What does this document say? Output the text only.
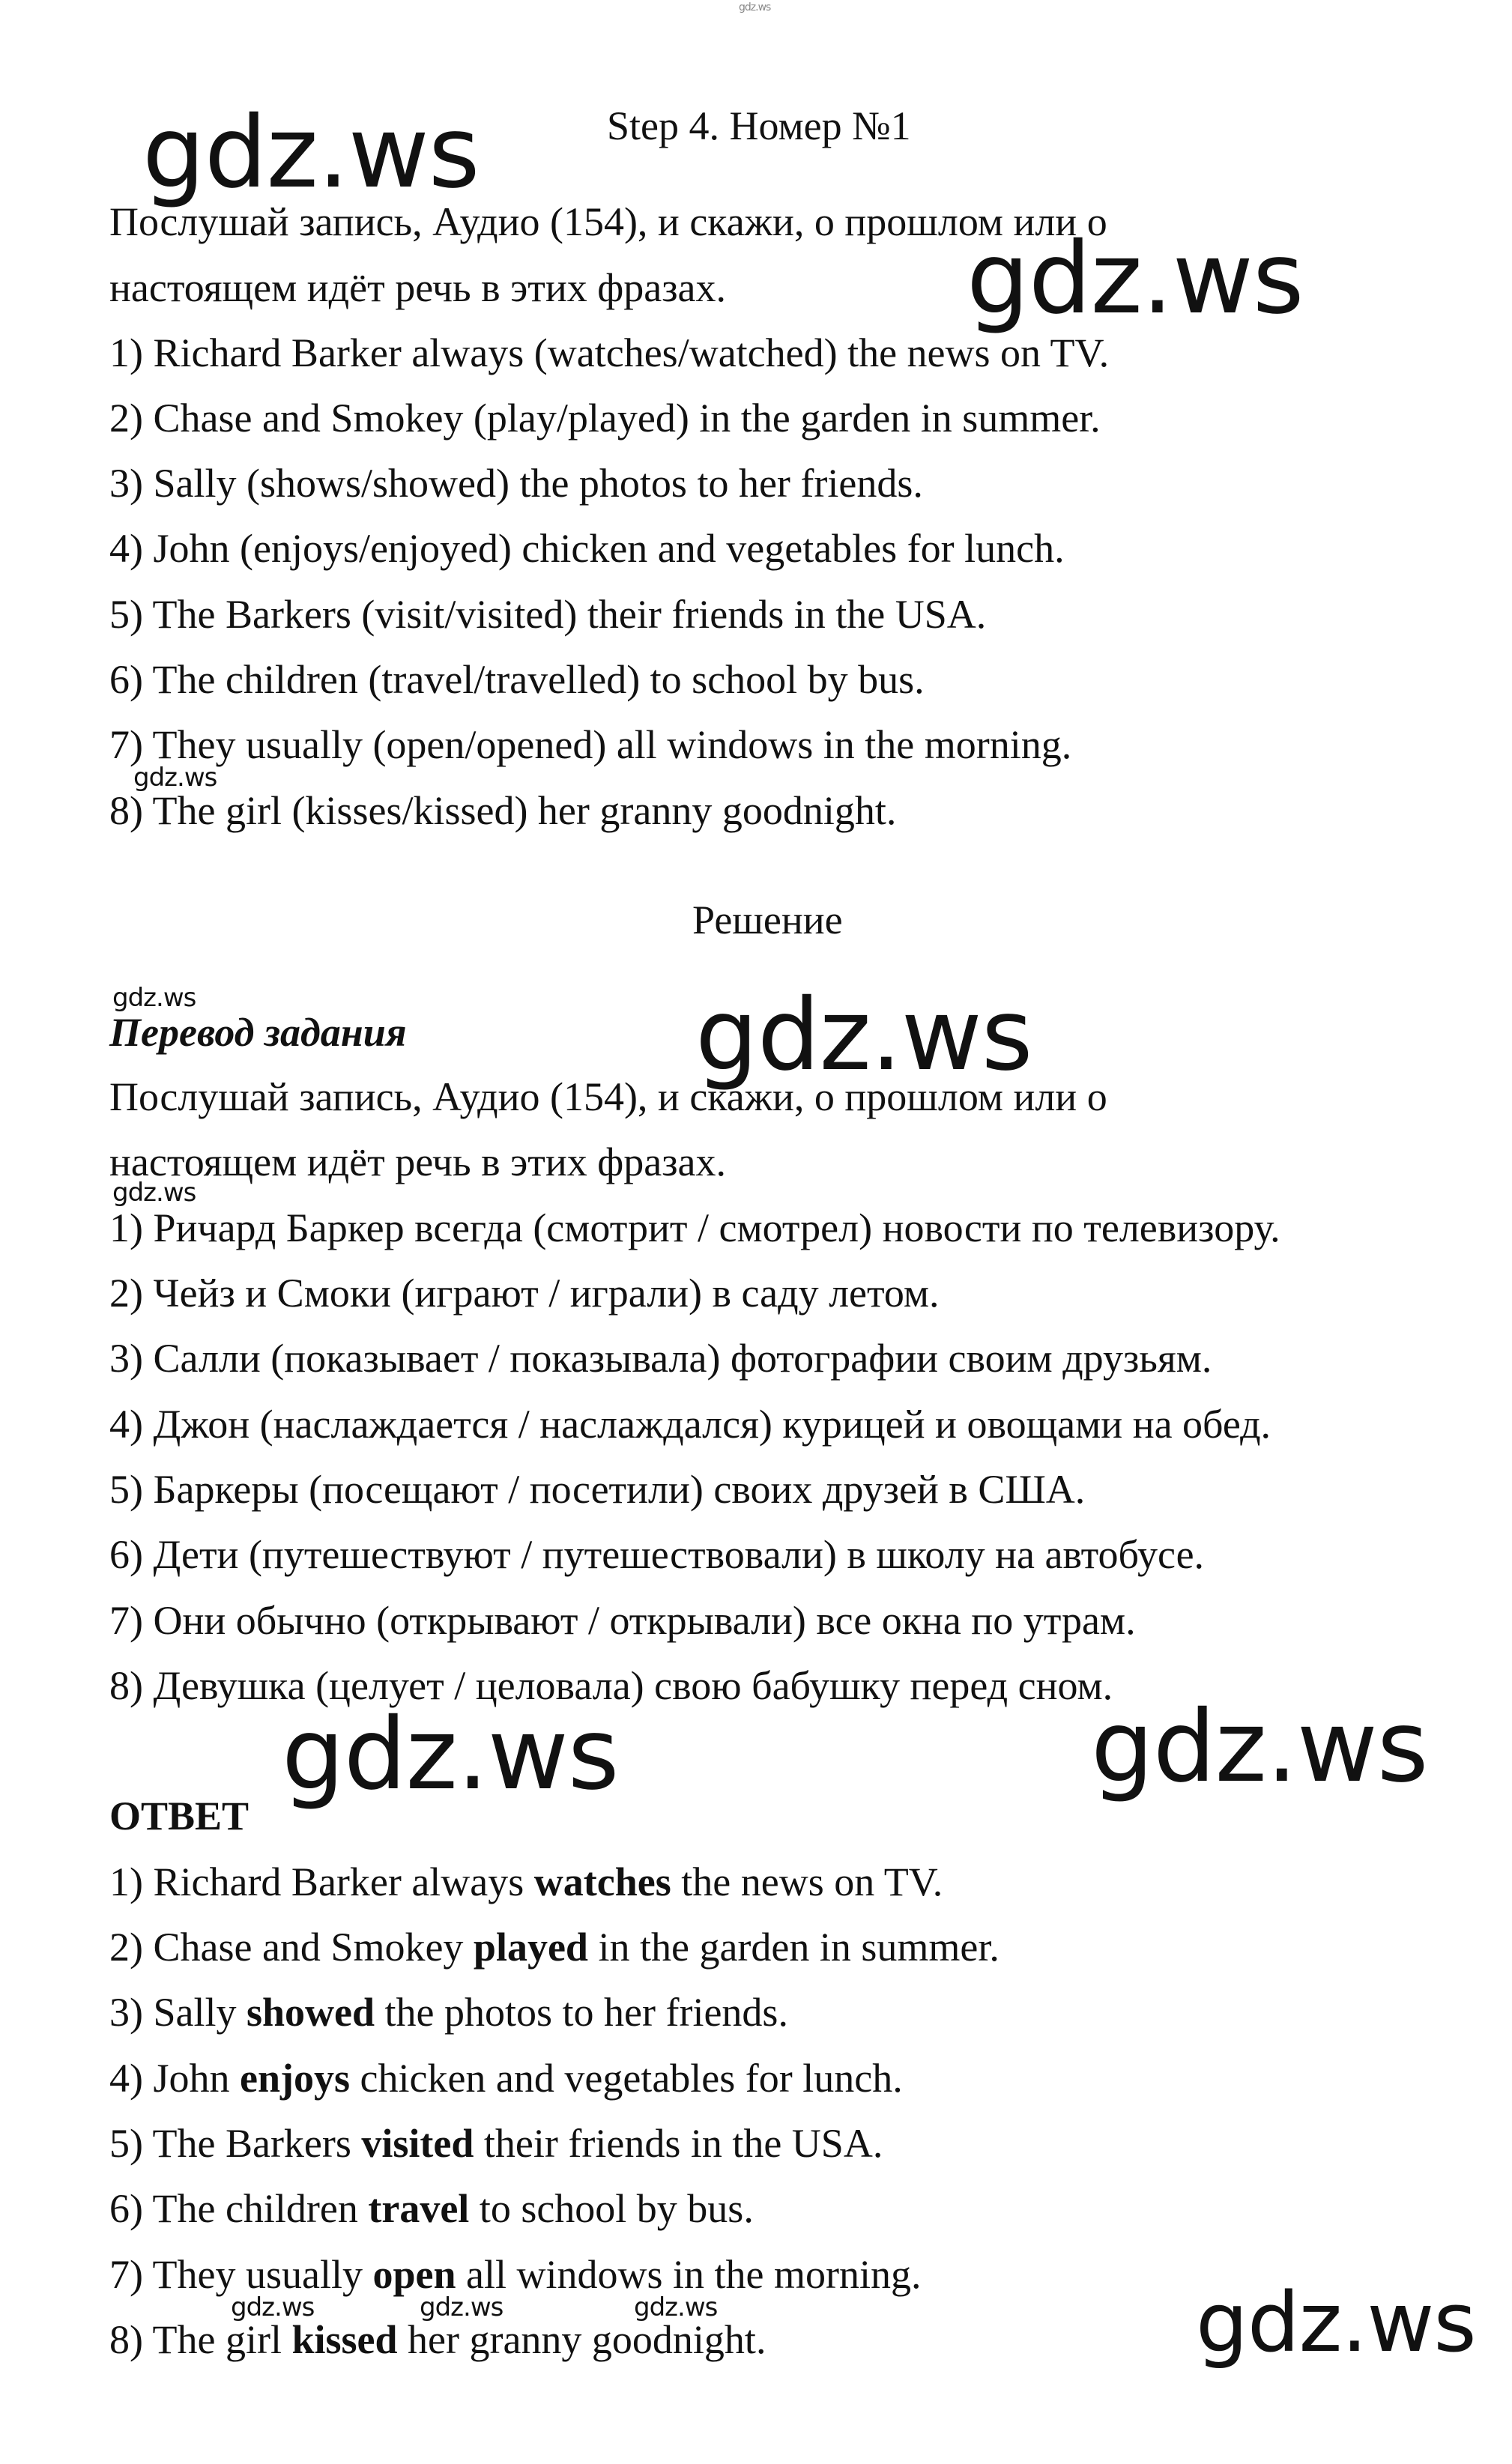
gdz.ws
gdz.ws
gdz.ws
gdz.ws
gdz.ws	gdz.ws
gdz.ws
gdz.ws	gdz.ws
gdz.ws	gdz.ws	gdz.ws	gdz.ws
Step 4. Номер №1
Послушай запись, Аудио (154), и скажи, о прошлом или о
настоящем идёт речь в этих фразах.
1) Richard Barker always (watches/watched) the news on TV.
2) Chase and Smokey (play/played) in the garden in summer.
3) Sally (shows/showed) the photos to her friends.
4) John (enjoys/enjoyed) chicken and vegetables for lunch.
5) The Barkers (visit/visited) their friends in the USA.
6) The children (travel/travelled) to school by bus.
7) They usually (open/opened) all windows in the morning.
8) The girl (kisses/kissed) her granny goodnight.
Решение
Перевод задания
Послушай запись, Аудио (154), и скажи, о прошлом или о
настоящем идёт речь в этих фразах.
1) Ричард Баркер всегда (смотрит / смотрел) новости по телевизору.
2) Чейз и Смоки (играют / играли) в саду летом.
3) Салли (показывает / показывала) фотографии своим друзьям.
4) Джон (наслаждается / наслаждался) курицей и овощами на обед.
5) Баркеры (посещают / посетили) своих друзей в США.
6) Дети (путешествуют / путешествовали) в школу на автобусе.
7) Они обычно (открывают / открывали) все окна по утрам.
8) Девушка (целует / целовала) свою бабушку перед сном.
ОТВЕТ
1) Richard Barker always watches the news on TV.
2) Chase and Smokey played in the garden in summer.
3) Sally showed the photos to her friends.
4) John enjoys chicken and vegetables for lunch.
5) The Barkers visited their friends in the USA.
6) The children travel to school by bus.
7) They usually open all windows in the morning.
8) The girl kissed her granny goodnight.
